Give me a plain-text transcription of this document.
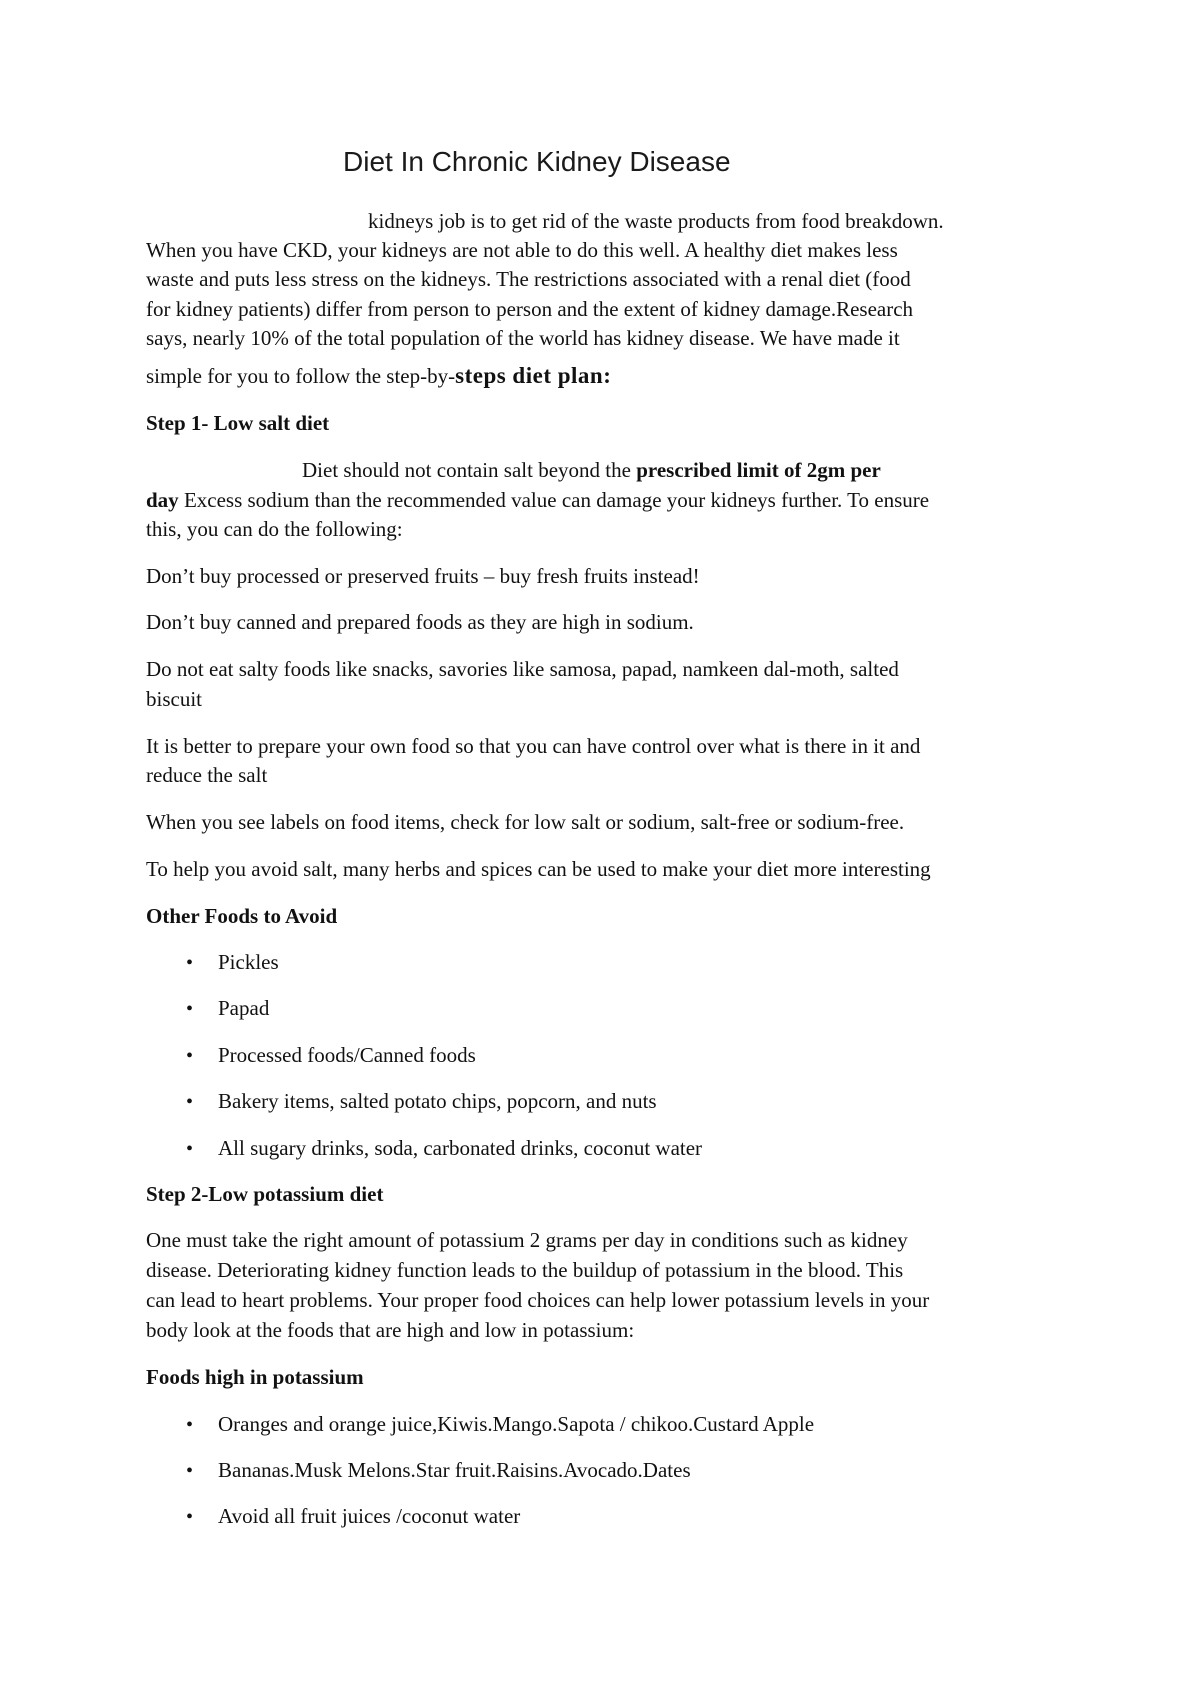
Diet In Chronic Kidney Disease
kidneys job is to get rid of the waste products from food breakdown.
When you have CKD, your kidneys are not able to do this well. A healthy diet makes less
waste and puts less stress on the kidneys. The restrictions associated with a renal diet (food
for kidney patients) differ from person to person and the extent of kidney damage.Research
says, nearly 10% of the total population of the world has kidney disease. We have made it
simple for you to follow the step-by-steps diet plan:
Step 1- Low salt diet
Diet should not contain salt beyond the prescribed limit of 2gm per
day Excess sodium than the recommended value can damage your kidneys further. To ensure
this, you can do the following:
Don’t buy processed or preserved fruits – buy fresh fruits instead!
Don’t buy canned and prepared foods as they are high in sodium.
Do not eat salty foods like snacks, savories like samosa, papad, namkeen dal-moth, salted
biscuit
It is better to prepare your own food so that you can have control over what is there in it and
reduce the salt
When you see labels on food items, check for low salt or sodium, salt-free or sodium-free.
To help you avoid salt, many herbs and spices can be used to make your diet more interesting
Other Foods to Avoid
• Pickles
• Papad
• Processed foods/Canned foods
• Bakery items, salted potato chips, popcorn, and nuts
• All sugary drinks, soda, carbonated drinks, coconut water
Step 2-Low potassium diet
One must take the right amount of potassium 2 grams per day in conditions such as kidney
disease. Deteriorating kidney function leads to the buildup of potassium in the blood. This
can lead to heart problems. Your proper food choices can help lower potassium levels in your
body look at the foods that are high and low in potassium:
Foods high in potassium
• Oranges and orange juice,Kiwis.Mango.Sapota / chikoo.Custard Apple
• Bananas.Musk Melons.Star fruit.Raisins.Avocado.Dates
• Avoid all fruit juices /coconut water
